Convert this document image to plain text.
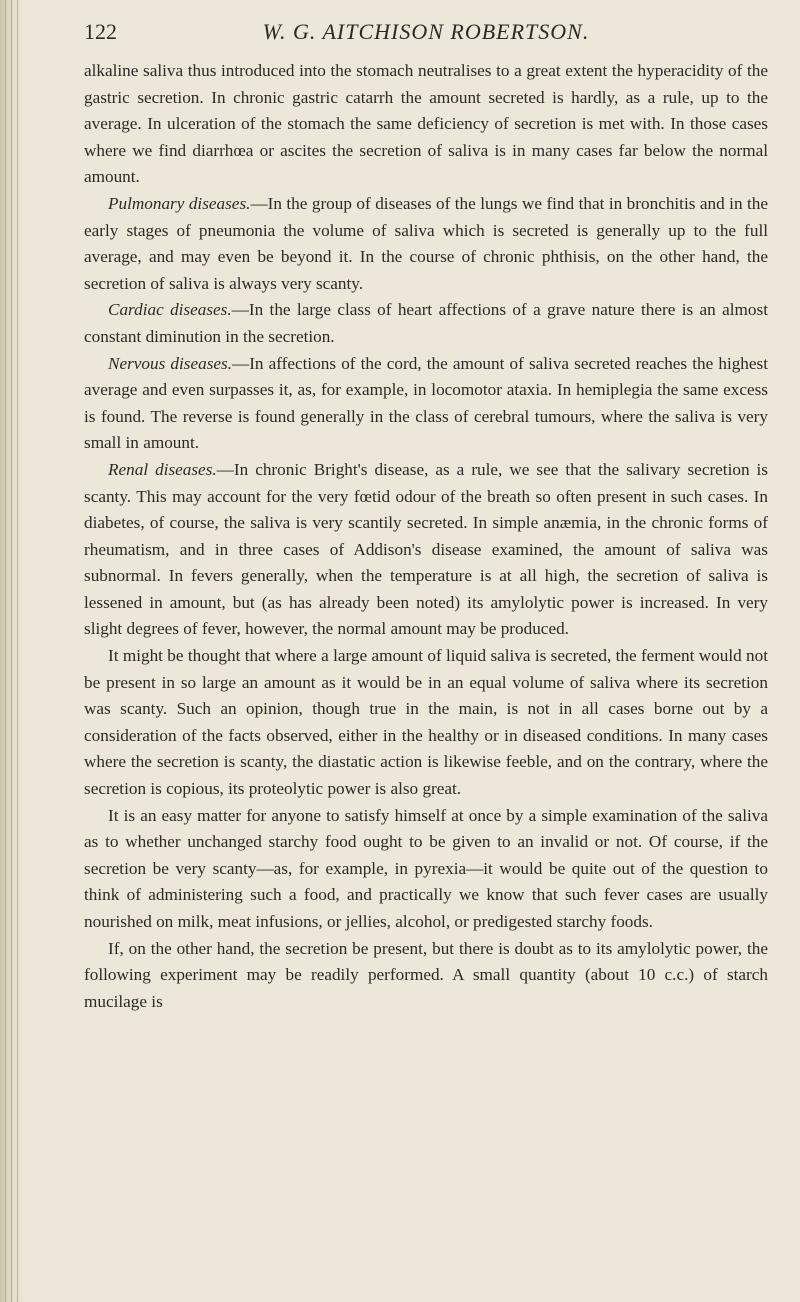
122	W. G. AITCHISON ROBERTSON.

alkaline saliva thus introduced into the stomach neutralises to a great extent the hyperacidity of the gastric secretion. In chronic gastric catarrh the amount secreted is hardly, as a rule, up to the average. In ulceration of the stomach the same deficiency of secretion is met with. In those cases where we find diarrhœa or ascites the secretion of saliva is in many cases far below the normal amount.

Pulmonary diseases.—In the group of diseases of the lungs we find that in bronchitis and in the early stages of pneumonia the volume of saliva which is secreted is generally up to the full average, and may even be beyond it. In the course of chronic phthisis, on the other hand, the secretion of saliva is always very scanty.

Cardiac diseases.—In the large class of heart affections of a grave nature there is an almost constant diminution in the secretion.

Nervous diseases.—In affections of the cord, the amount of saliva secreted reaches the highest average and even surpasses it, as, for example, in locomotor ataxia. In hemiplegia the same excess is found. The reverse is found generally in the class of cerebral tumours, where the saliva is very small in amount.

Renal diseases.—In chronic Bright's disease, as a rule, we see that the salivary secretion is scanty. This may account for the very fœtid odour of the breath so often present in such cases. In diabetes, of course, the saliva is very scantily secreted. In simple anæmia, in the chronic forms of rheumatism, and in three cases of Addison's disease examined, the amount of saliva was subnormal. In fevers generally, when the temperature is at all high, the secretion of saliva is lessened in amount, but (as has already been noted) its amylolytic power is increased. In very slight degrees of fever, however, the normal amount may be produced.

It might be thought that where a large amount of liquid saliva is secreted, the ferment would not be present in so large an amount as it would be in an equal volume of saliva where its secretion was scanty. Such an opinion, though true in the main, is not in all cases borne out by a consideration of the facts observed, either in the healthy or in diseased conditions. In many cases where the secretion is scanty, the diastatic action is likewise feeble, and on the contrary, where the secretion is copious, its proteolytic power is also great.

It is an easy matter for anyone to satisfy himself at once by a simple examination of the saliva as to whether unchanged starchy food ought to be given to an invalid or not. Of course, if the secretion be very scanty—as, for example, in pyrexia—it would be quite out of the question to think of administering such a food, and practically we know that such fever cases are usually nourished on milk, meat infusions, or jellies, alcohol, or predigested starchy foods.

If, on the other hand, the secretion be present, but there is doubt as to its amylolytic power, the following experiment may be readily performed. A small quantity (about 10 c.c.) of starch mucilage is
